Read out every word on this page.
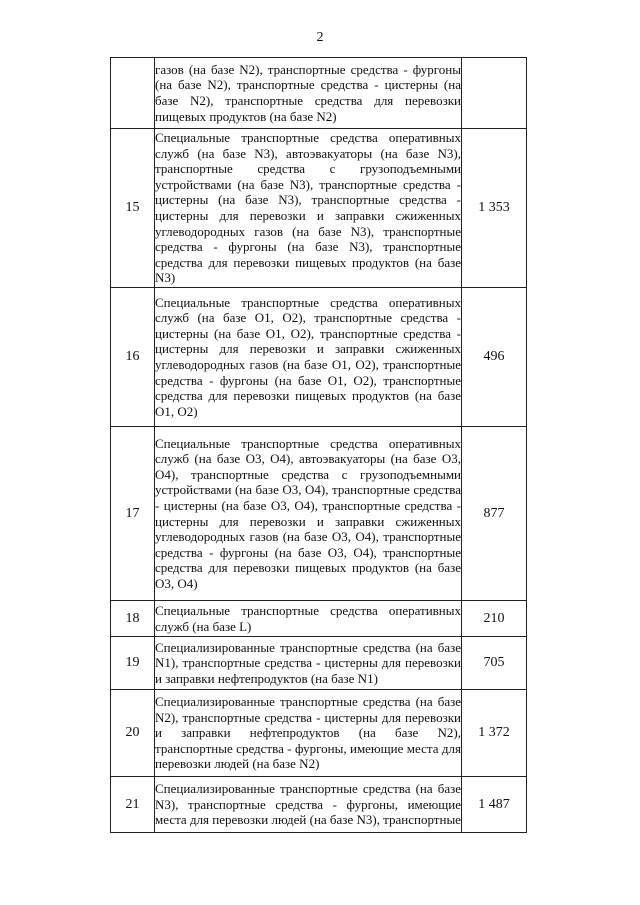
2

	газов (на базе N2), транспортные средства - фургоны (на базе N2), транспортные средства - цистерны (на базе N2), транспортные средства для перевозки пищевых продуктов (на базе N2)	

15	Специальные транспортные средства оперативных служб (на базе N3), автоэвакуаторы (на базе N3), транспортные средства с грузоподъемными устройствами (на базе N3), транспортные средства - цистерны (на базе N3), транспортные средства - цистерны для перевозки и заправки сжиженных углеводородных газов (на базе N3), транспортные средства - фургоны (на базе N3), транспортные средства для перевозки пищевых продуктов (на базе N3)	1 353
16	Специальные транспортные средства оперативных служб (на базе O1, O2), транспортные средства - цистерны (на базе O1, O2), транспортные средства - цистерны для перевозки и заправки сжиженных углеводородных газов (на базе O1, O2), транспортные средства - фургоны (на базе O1, O2), транспортные средства для перевозки пищевых продуктов (на базе O1, O2)	496
17	Специальные транспортные средства оперативных служб (на базе O3, O4), автоэвакуаторы (на базе O3, O4), транспортные средства с грузоподъемными устройствами (на базе O3, O4), транспортные средства - цистерны (на базе O3, O4), транспортные средства - цистерны для перевозки и заправки сжиженных углеводородных газов (на базе O3, O4), транспортные средства - фургоны (на базе O3, O4), транспортные средства для перевозки пищевых продуктов (на базе O3, O4)	877
18	Специальные транспортные средства оперативных служб (на базе L)	210
19	Специализированные транспортные средства (на базе N1), транспортные средства - цистерны для перевозки и заправки нефтепродуктов (на базе N1)	705
20	Специализированные транспортные средства (на базе N2), транспортные средства - цистерны для перевозки и заправки нефтепродуктов (на базе N2), транспортные средства - фургоны, имеющие места для перевозки людей (на базе N2)	1 372
21	Специализированные транспортные средства (на базе N3), транспортные средства - фургоны, имеющие места для перевозки людей (на базе N3), транспортные	1 487
